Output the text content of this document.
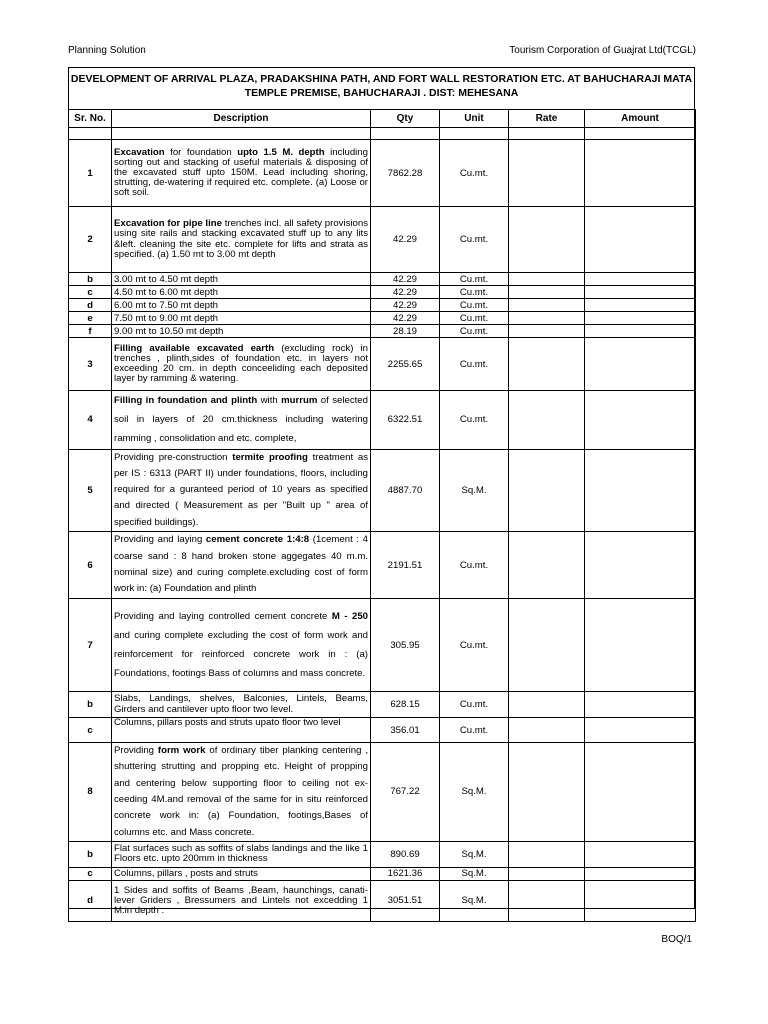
Planning Solution	Tourism Corporation of Guajrat Ltd(TCGL)
DEVELOPMENT OF ARRIVAL PLAZA, PRADAKSHINA PATH, AND FORT WALL RESTORATION ETC. AT BAHUCHARAJI MATA
TEMPLE PREMISE, BAHUCHARAJI . DIST: MEHESANA
Sr. No.	Description	Qty	Unit	Rate	Amount

1	Excavation for foundation upto 1.5 M. depth including sorting out and stacking of useful materials & disposing of the excavated stuff upto 150M. Lead including shoring, strutting, de-watering if required etc. complete. (a) Loose or soft soil.	7862.28	Cu.mt.		
2	Excavation for pipe line trenches incl. all safety provisions using site rails and stacking excavated stuff up to any lits &left. cleaning the site etc. complete for lifts and strata as specified. (a) 1.50 mt to 3.00 mt depth	42.29	Cu.mt.		
b	3.00 mt to 4.50 mt depth	42.29	Cu.mt.		
c	4.50 mt to 6.00 mt depth	42.29	Cu.mt.		
d	6.00 mt to 7.50 mt depth	42.29	Cu.mt.		
e	7.50 mt to 9.00 mt depth	42.29	Cu.mt.		
f	9.00 mt to 10.50 mt depth	28.19	Cu.mt.		
3	Filling available excavated earth (excluding rock) in trenches , plinth,sides of foundation etc. in layers not exceeding 20 cm. in depth conceeliding each deposited layer by ramming & watering.	2255.65	Cu.mt.		
4	Filling in foundation and plinth with murrum of selected soil in layers of 20 cm.thickness including watering ramming , consolidation and etc. complete,	6322.51	Cu.mt.		
5	Providing pre-construction termite proofing treatment as per IS : 6313 (PART II) under foundations, floors, including required for a guranteed period of 10 years as specified and directed ( Measurement as per "Built up " area of specified buildings).	4887.70	Sq.M.		
6	Providing and laying cement concrete 1:4:8 (1cement : 4 coarse sand : 8 hand broken stone aggegates 40 m.m. nominal size) and curing complete.excluding cost of form work in: (a) Foundation and plinth	2191.51	Cu.mt.		
7	Providing and laying controlled cement concrete M - 250 and curing complete excluding the cost of form work and reinforcement for reinforced concrete work in : (a) Foundations, footings Bass of columns and mass concrete.	305.95	Cu.mt.		
b	Slabs, Landings, shelves, Balconies, Lintels, Beams, Girders and cantilever upto floor two level.	628.15	Cu.mt.		
c	Columns, pillars posts and struts upato floor two level	356.01	Cu.mt.		
8	Providing form work of ordinary tiber planking centering , shuttering strutting and propping etc. Height of propping and centering below supporting floor to ceiling not ex-ceeding 4M.and removal of the same for in situ reinforced concrete work in: (a) Foundation, footings,Bases of columns etc. and Mass concrete.	767.22	Sq.M.		
b	Flat surfaces such as soffits of slabs landings and the like 1 Floors etc. upto 200mm in thickness	890.69	Sq.M.		
c	Columns, pillars , posts and struts	1621.36	Sq.M.		
d	1 Sides and soffits of Beams ,Beam, haunchings, canati-lever Griders , Bressumers and Lintels not excedding 1 M.in depth .	3051.51	Sq.M.		
BOQ/1
